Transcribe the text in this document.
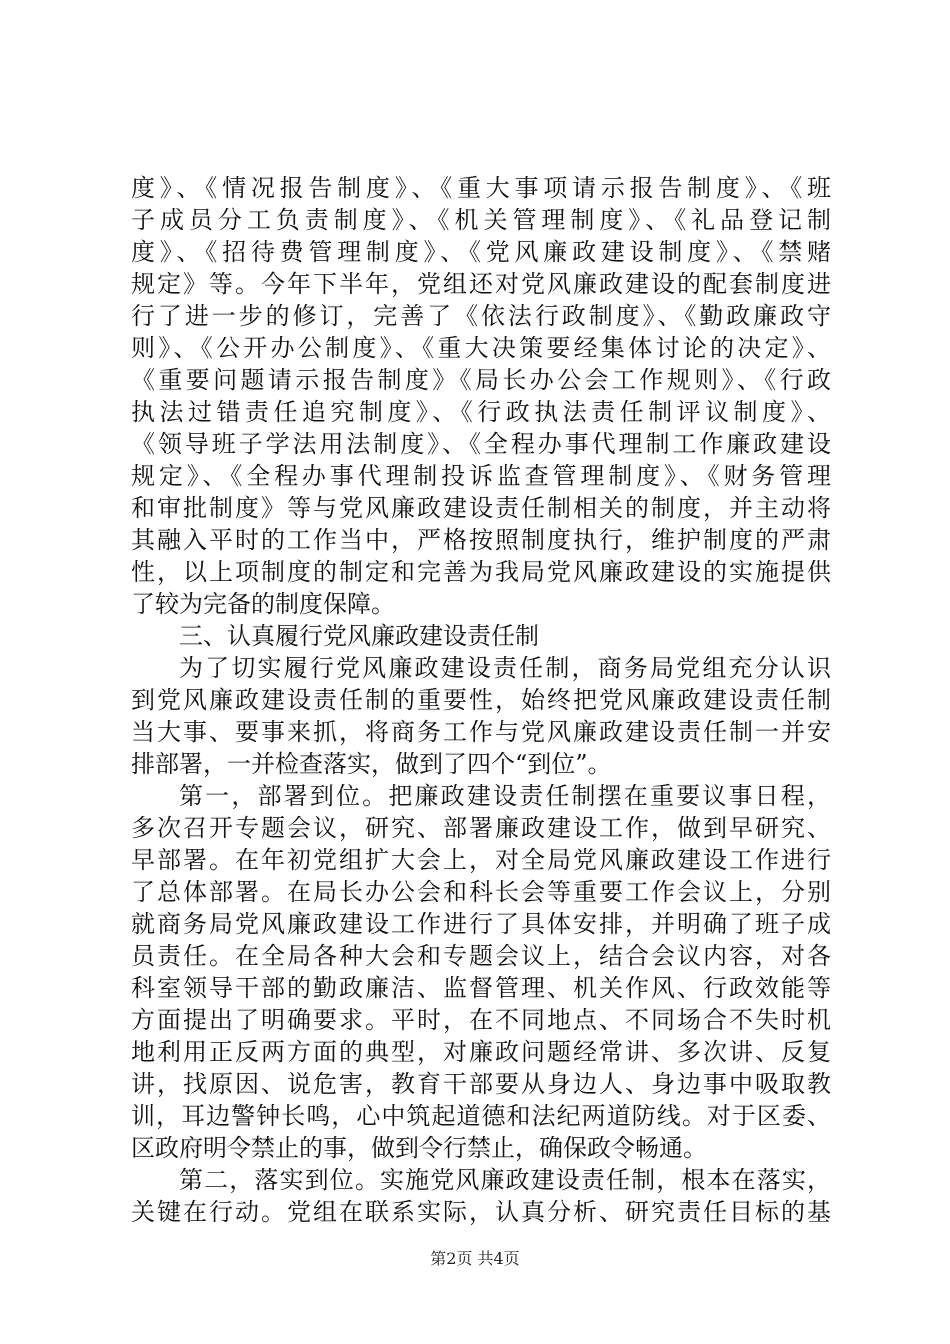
度》、《情况报告制度》、《重大事项请示报告制度》、《班
子成员分工负责制度》、《机关管理制度》、《礼品登记制
度》、《招待费管理制度》、《党风廉政建设制度》、《禁赌
规定》等。今年下半年，党组还对党风廉政建设的配套制度进
行了进一步的修订，完善了《依法行政制度》、《勤政廉政守
则》、《公开办公制度》、《重大决策要经集体讨论的决定》、
《重要问题请示报告制度》《局长办公会工作规则》、《行政
执法过错责任追究制度》、《行政执法责任制评议制度》、
《领导班子学法用法制度》、《全程办事代理制工作廉政建设
规定》、《全程办事代理制投诉监查管理制度》、《财务管理
和审批制度》等与党风廉政建设责任制相关的制度，并主动将
其融入平时的工作当中，严格按照制度执行，维护制度的严肃
性，以上项制度的制定和完善为我局党风廉政建设的实施提供
了较为完备的制度保障。
三、认真履行党风廉政建设责任制
为了切实履行党风廉政建设责任制，商务局党组充分认识
到党风廉政建设责任制的重要性，始终把党风廉政建设责任制
当大事、要事来抓，将商务工作与党风廉政建设责任制一并安
排部署，一并检查落实，做到了四个“到位”。
第一，部署到位。把廉政建设责任制摆在重要议事日程，
多次召开专题会议，研究、部署廉政建设工作，做到早研究、
早部署。在年初党组扩大会上，对全局党风廉政建设工作进行
了总体部署。在局长办公会和科长会等重要工作会议上，分别
就商务局党风廉政建设工作进行了具体安排，并明确了班子成
员责任。在全局各种大会和专题会议上，结合会议内容，对各
科室领导干部的勤政廉洁、监督管理、机关作风、行政效能等
方面提出了明确要求。平时，在不同地点、不同场合不失时机
地利用正反两方面的典型，对廉政问题经常讲、多次讲、反复
讲，找原因、说危害，教育干部要从身边人、身边事中吸取教
训，耳边警钟长鸣，心中筑起道德和法纪两道防线。对于区委、
区政府明令禁止的事，做到令行禁止，确保政令畅通。
第二，落实到位。实施党风廉政建设责任制，根本在落实，
关键在行动。党组在联系实际，认真分析、研究责任目标的基
第2页 共4页
